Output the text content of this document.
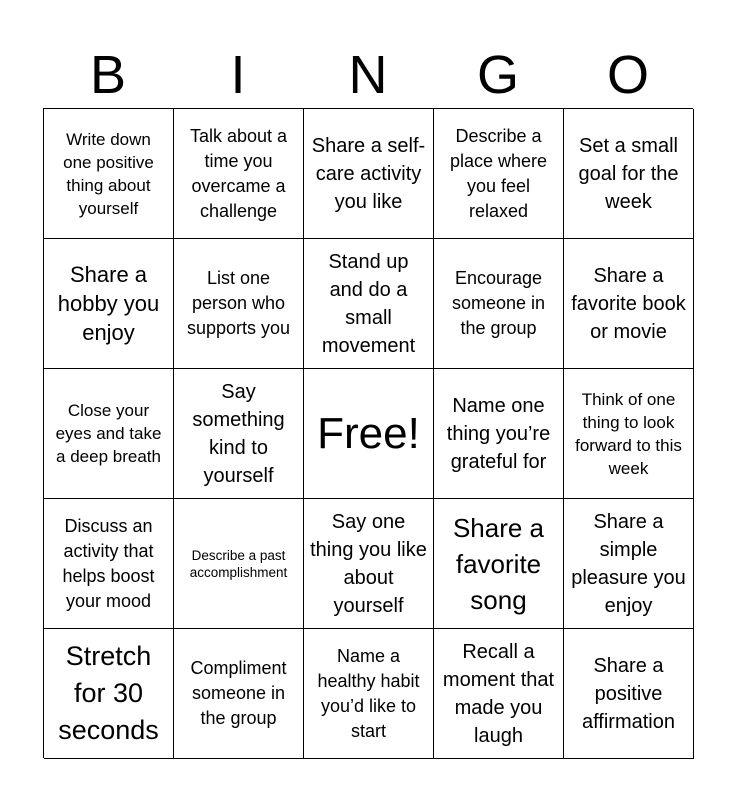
B	I	N	G	O
Write down one positive thing about yourself
Talk about a time you overcame a challenge
Share a self-care activity you like
Describe a place where you feel relaxed
Set a small goal for the week
Share a hobby you enjoy
List one person who supports you
Stand up and do a small movement
Encourage someone in the group
Share a favorite book or movie
Close your eyes and take a deep breath
Say something kind to yourself
Free!
Name one thing you’re grateful for
Think of one thing to look forward to this week
Discuss an activity that helps boost your mood
Describe a past accomplishment
Say one thing you like about yourself
Share a favorite song
Share a simple pleasure you enjoy
Stretch for 30 seconds
Compliment someone in the group
Name a healthy habit you’d like to start
Recall a moment that made you laugh
Share a positive affirmation
